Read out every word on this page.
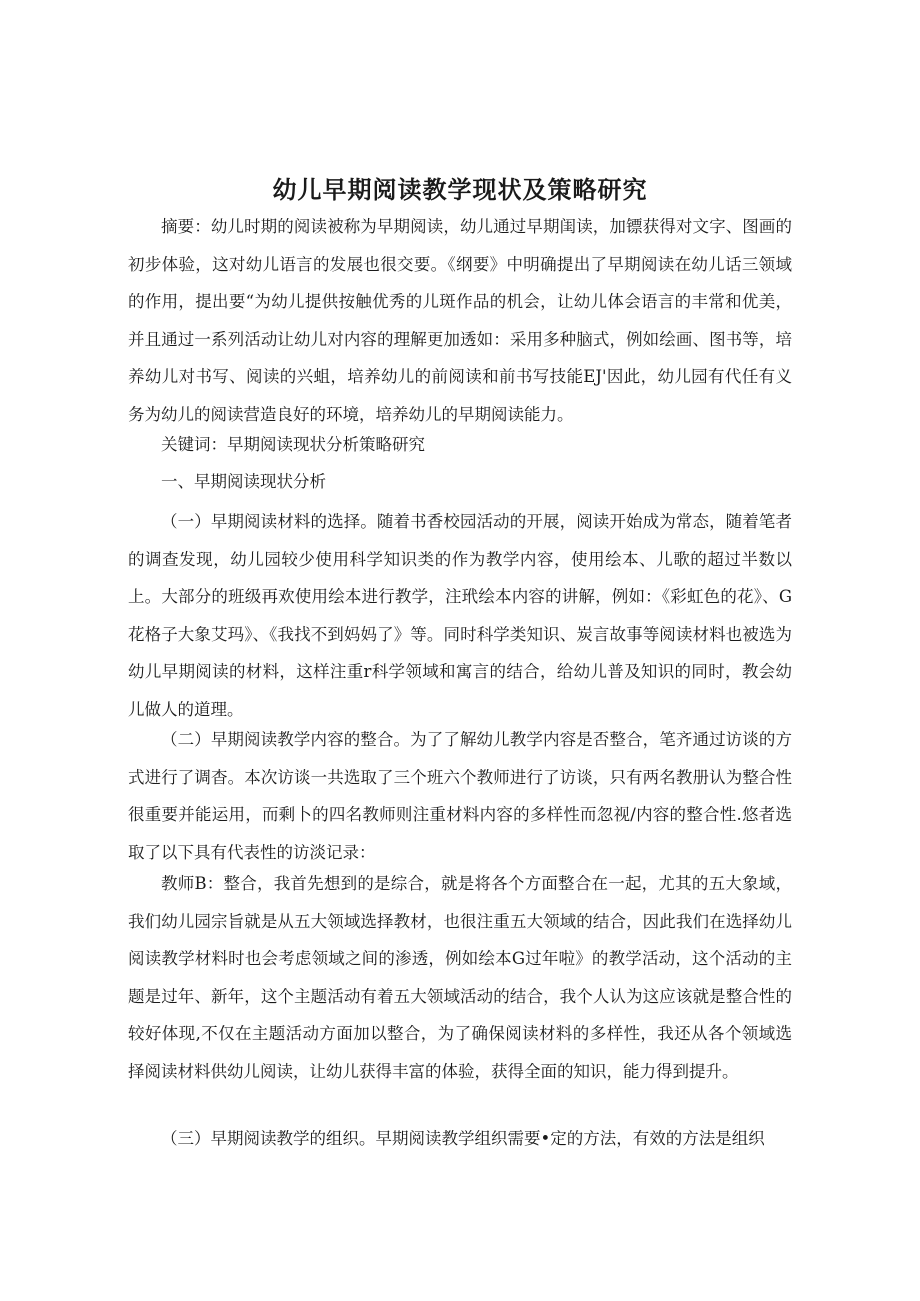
幼儿早期阅读教学现状及策略研究

摘要：幼儿时期的阅读被称为早期阅读，幼儿通过早期闺读，加镖获得对文字、图画的初步体验，这对幼儿语言的发展也很交要。《纲要》中明确提出了早期阅读在幼儿话三领域的作用，提出要“为幼儿提供按触优秀的儿斑作品的机会，让幼儿体会语言的丰常和优美，并且通过一系列活动让幼儿对内容的理解更加透如：采用多种脑式，例如绘画、图书等，培养幼儿对书写、阅读的兴蛆，培养幼儿的前阅读和前书写技能EJ'因此，幼儿园有代任有义务为幼儿的阅读营造良好的环境，培养幼儿的早期阅读能力。

关键词：早期阅读现状分析策略研究

一、早期阅读现状分析

（一）早期阅读材料的选择。随着书香校园活动的开展，阅读开始成为常态，随着笔者的调查发现，幼儿园较少使用科学知识类的作为教学内容，使用绘本、儿歌的超过半数以上。大部分的班级再欢使用绘本进行教学，注玳绘本内容的讲解，例如：《彩虹色的花》、G花格子大象艾玛》、《我找不到妈妈了》等。同时科学类知识、炭言故事等阅读材料也被选为幼儿早期阅读的材料，这样注重r科学领域和寓言的结合，给幼儿普及知识的同时，教会幼儿做人的道理。

（二）早期阅读教学内容的整合。为了了解幼儿教学内容是否整合，笔齐通过访谈的方式进行了调杳。本次访谈一共选取了三个班六个教师进行了访谈，只有两名教册认为整合性很重要并能运用，而剩卜的四名教师则注重材料内容的多样性而忽视/内容的整合性.悠者选取了以下具有代表性的访淡记录：

教师B：整合，我首先想到的是综合，就是将各个方面整合在一起，尤其的五大象域，我们幼儿园宗旨就是从五大领域选择教材，也很注重五大领域的结合，因此我们在选择幼儿阅读教学材料时也会考虑领域之间的渗透，例如绘本G过年啦》的教学活动，这个活动的主题是过年、新年，这个主题活动有着五大领域活动的结合，我个人认为这应该就是整合性的较好体现,不仅在主题活动方面加以整合，为了确保阅读材料的多样性，我还从各个领域选择阅读材料供幼儿阅读，让幼儿获得丰富的体验，获得全面的知识，能力得到提升。

（三）早期阅读教学的组织。早期阅读教学组织需要•定的方法，有效的方法是组织
